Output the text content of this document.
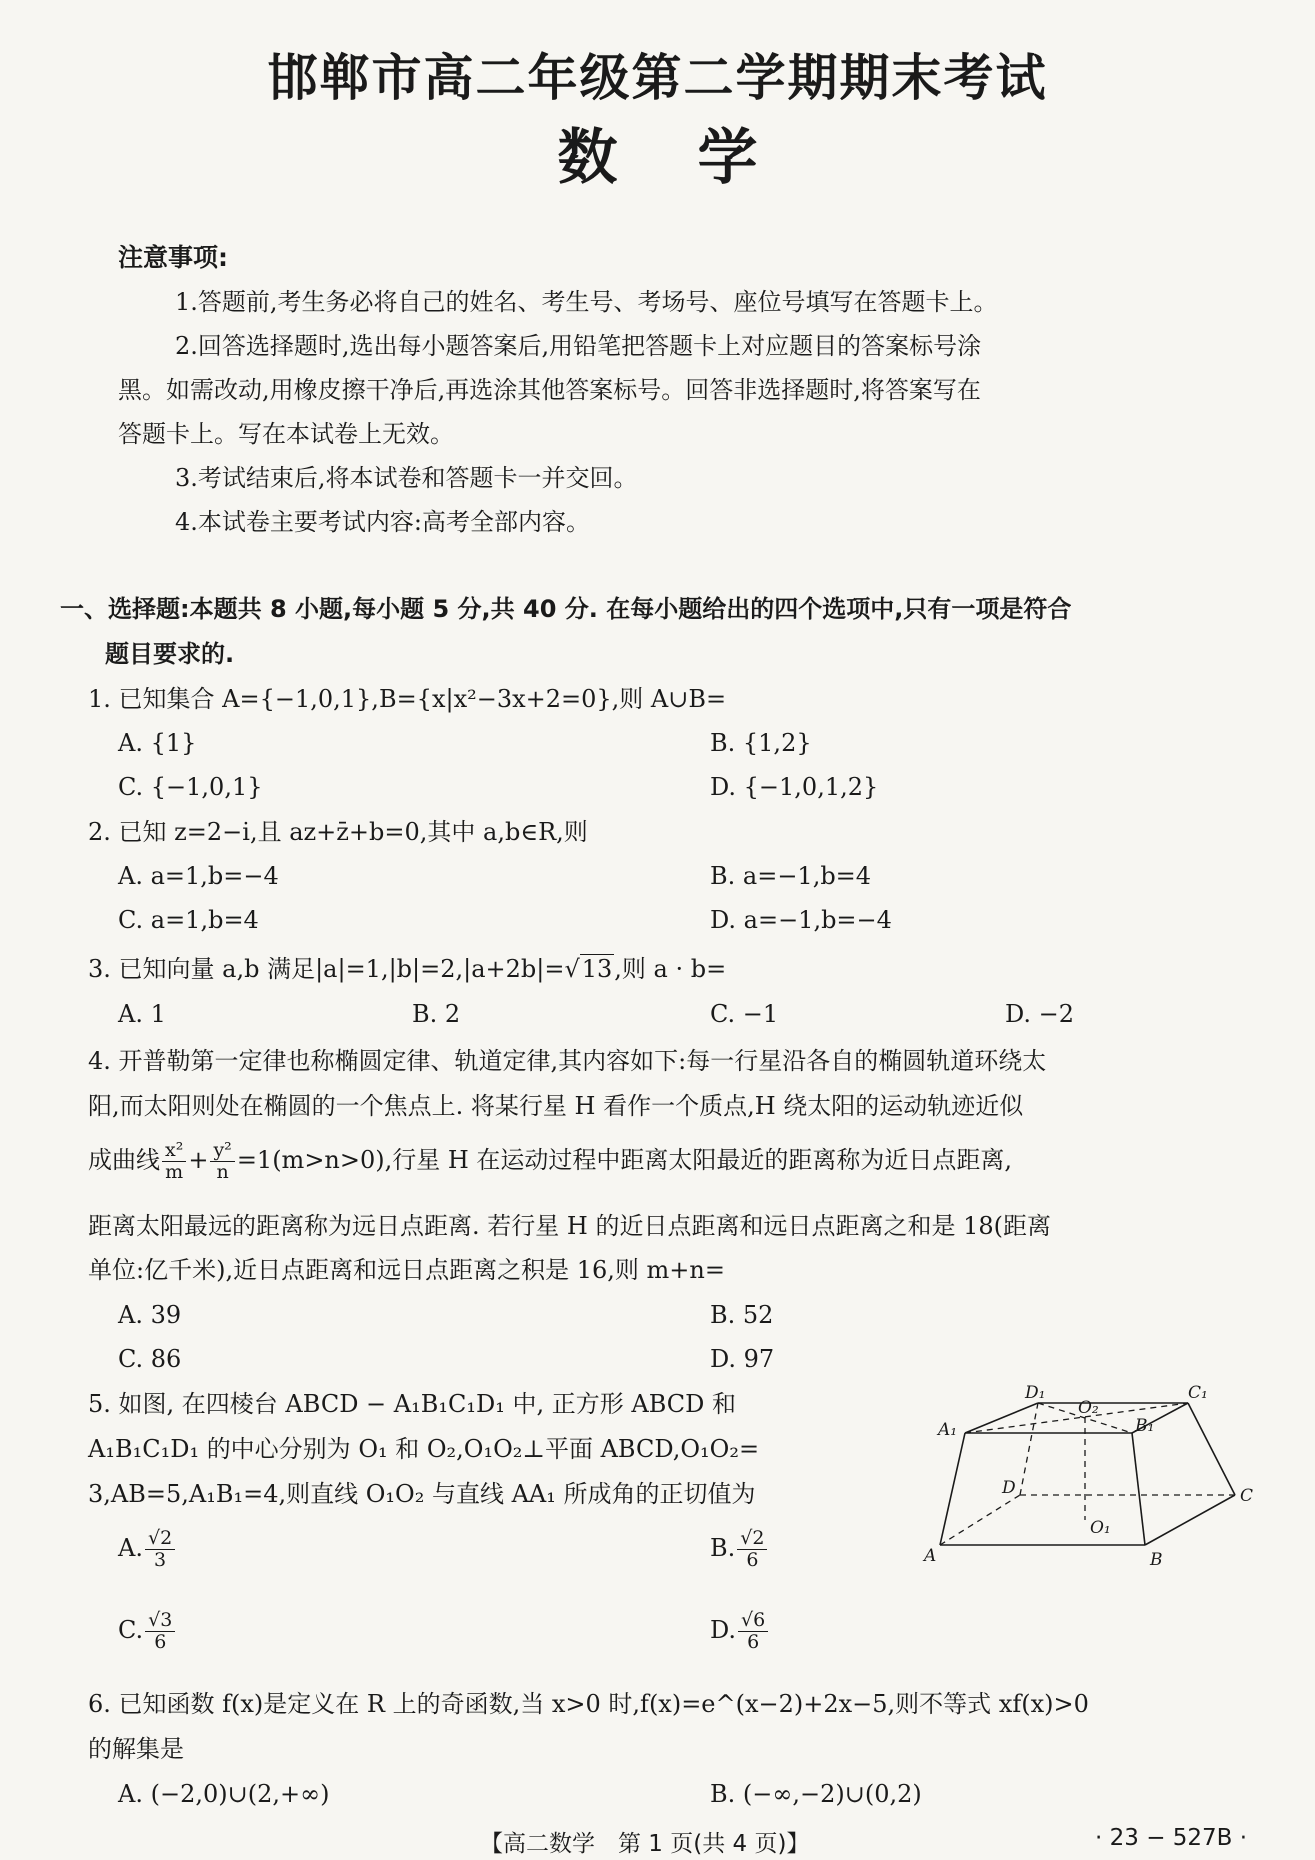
邯郸市高二年级第二学期期末考试
数学
注意事项:
1.答题前,考生务必将自己的姓名、考生号、考场号、座位号填写在答题卡上。
2.回答选择题时,选出每小题答案后,用铅笔把答题卡上对应题目的答案标号涂
黑。如需改动,用橡皮擦干净后,再选涂其他答案标号。回答非选择题时,将答案写在
答题卡上。写在本试卷上无效。
3.考试结束后,将本试卷和答题卡一并交回。
4.本试卷主要考试内容:高考全部内容。
一、选择题:本题共 8 小题,每小题 5 分,共 40 分. 在每小题给出的四个选项中,只有一项是符合
题目要求的.
1. 已知集合 A={−1,0,1},B={x|x²−3x+2=0},则 A∪B=
A. {1}	B. {1,2}
C. {−1,0,1}	D. {−1,0,1,2}
2. 已知 z=2−i,且 az+z̄+b=0,其中 a,b∈R,则
A. a=1,b=−4	B. a=−1,b=4
C. a=1,b=4	D. a=−1,b=−4
3. 已知向量 a,b 满足|a|=1,|b|=2,|a+2b|=√13,则 a · b=
A. 1	B. 2	C. −1	D. −2
4. 开普勒第一定律也称椭圆定律、轨道定律,其内容如下:每一行星沿各自的椭圆轨道环绕太
阳,而太阳则处在椭圆的一个焦点上. 将某行星 H 看作一个质点,H 绕太阳的运动轨迹近似
成曲线 $\frac{\text{x²}}{m} + \frac{\text{y²}}{n} =1(m>n>0)$,行星 H 在运动过程中距离太阳最近的距离称为近日点距离,
距离太阳最远的距离称为远日点距离. 若行星 H 的近日点距离和远日点距离之和是 18(距离
单位:亿千米),近日点距离和远日点距离之积是 16,则 m+n=
A. 39	B. 52
C. 86	D. 97
5. 如图, 在四棱台 ABCD − A₁B₁C₁D₁ 中, 正方形 ABCD 和
A₁B₁C₁D₁ 的中心分别为 O₁ 和 O₂,O₁O₂⊥平面 ABCD,O₁O₂=
3,AB=5,A₁B₁=4,则直线 O₁O₂ 与直线 AA₁ 所成角的正切值为
A. $\frac{√2}{3}$	B. $\frac{√2}{6}$
C. $\frac{√3}{6}$	D. $\frac{√6}{6}$
D₁	C₁
A₁
O₂
B₁
D	C
O₁
A	B
6. 已知函数 f(x)是定义在 R 上的奇函数,当 x>0 时,f(x)=e^(x−2)+2x−5,则不等式 xf(x)>0
的解集是
A. (−2,0)∪(2,+∞)	B. (−∞,−2)∪(0,2)
【高二数学　第 1 页(共 4 页)】	· 23 − 527B ·
